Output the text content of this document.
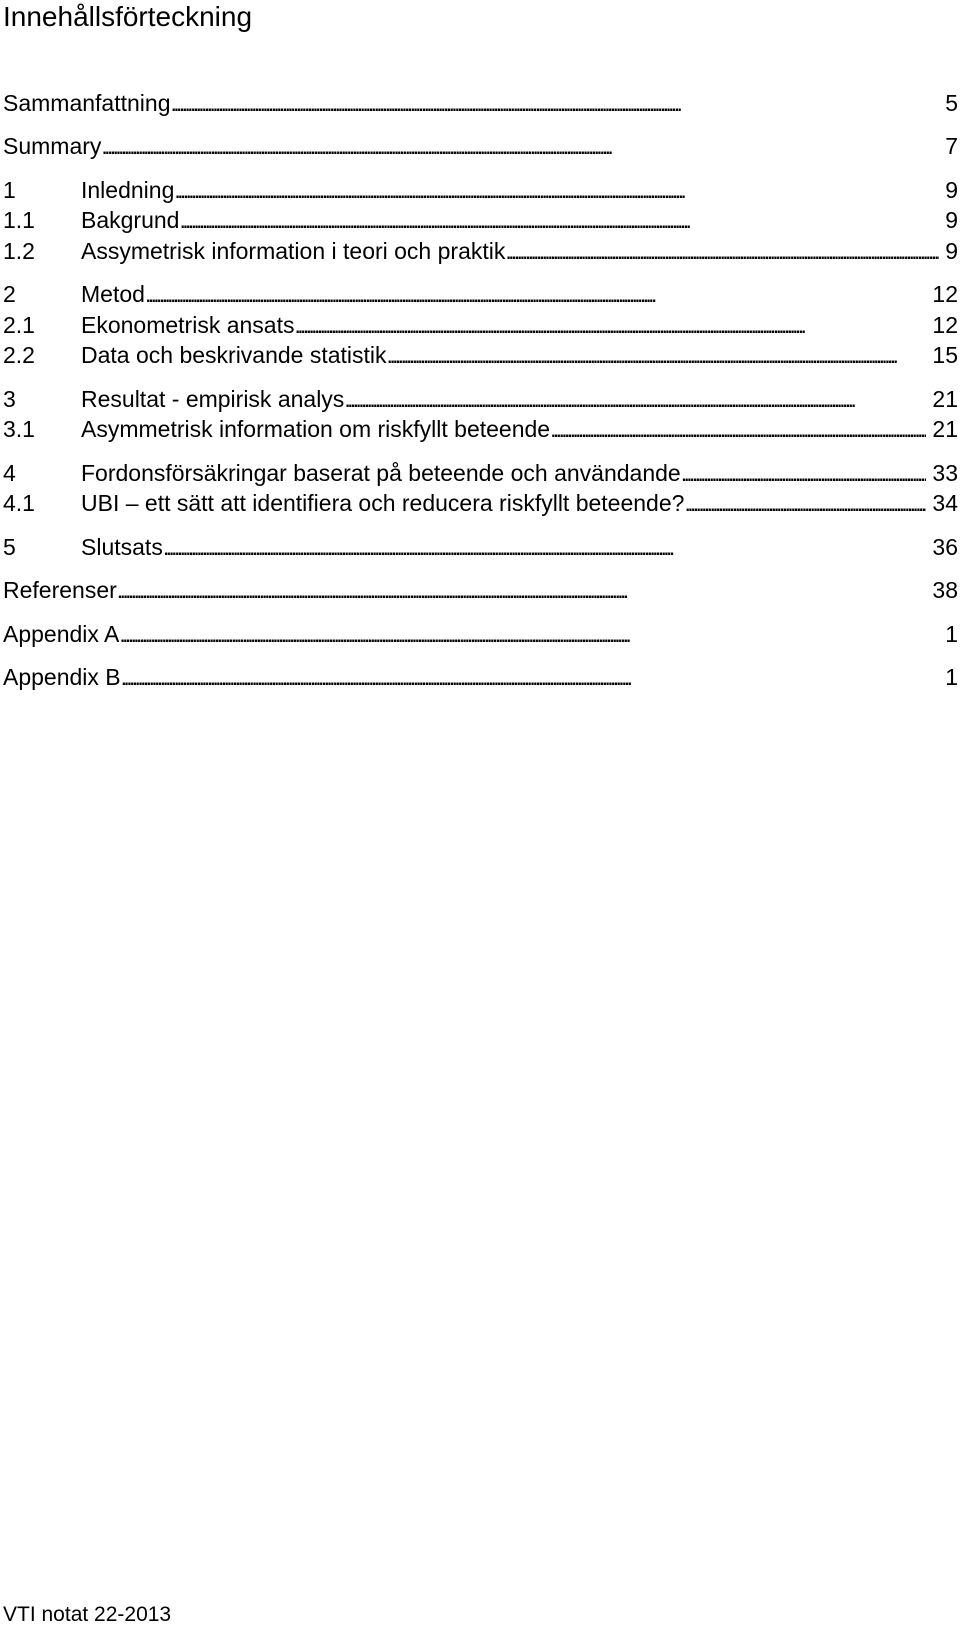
Innehållsförteckning
Sammanfattning . . .	5
Summary . . .	7
1	Inledning . . .	9
1.1	Bakgrund . . .	9
1.2	Assymetrisk information i teori och praktik . . .	9
2	Metod . . .	12
2.1	Ekonometrisk ansats . . .	12
2.2	Data och beskrivande statistik . . .	15
3	Resultat - empirisk analys . . .	21
3.1	Asymmetrisk information om riskfyllt beteende . . .	21
4	Fordonsförsäkringar baserat på beteende och användande . . .	33
4.1	UBI – ett sätt att identifiera och reducera riskfyllt beteende? . . .	34
5	Slutsats . . .	36
Referenser . . .	38
Appendix A . . .	1
Appendix B . . .	1
VTI notat 22-2013
